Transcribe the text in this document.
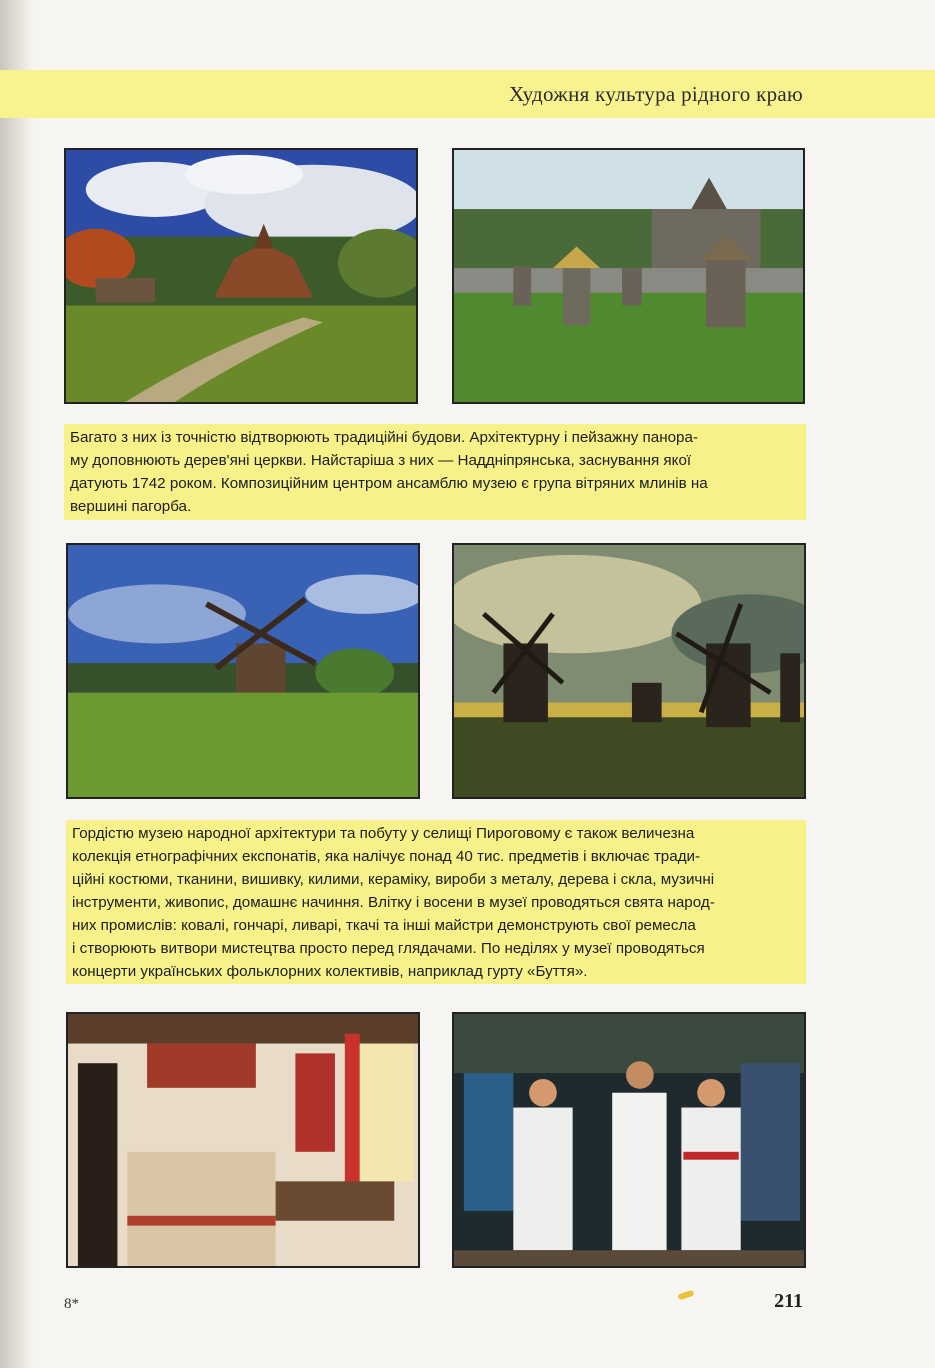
Художня культура рідного краю
Багато з них із точністю відтворюють традиційні будови. Архітектурну і пейзажну панора-
му доповнюють дерев'яні церкви. Найстаріша з них — Наддніпрянська, заснування якої
датують 1742 роком. Композиційним центром ансамблю музею є група вітряних млинів на
вершині пагорба.
Гордістю музею народної архітектури та побуту у селищі Пироговому є також величезна
колекція етнографічних експонатів, яка налічує понад 40 тис. предметів і включає тради-
ційні костюми, тканини, вишивку, килими, кераміку, вироби з металу, дерева і скла, музичні
інструменти, живопис, домашнє начиння. Влітку і восени в музеї проводяться свята народ-
них промислів: ковалі, гончарі, ливарі, ткачі та інші майстри демонструють свої ремесла
і створюють витвори мистецтва просто перед глядачами. По неділях у музеї проводяться
концерти українських фольклорних колективів, наприклад гурту «Буття».
8*	211
